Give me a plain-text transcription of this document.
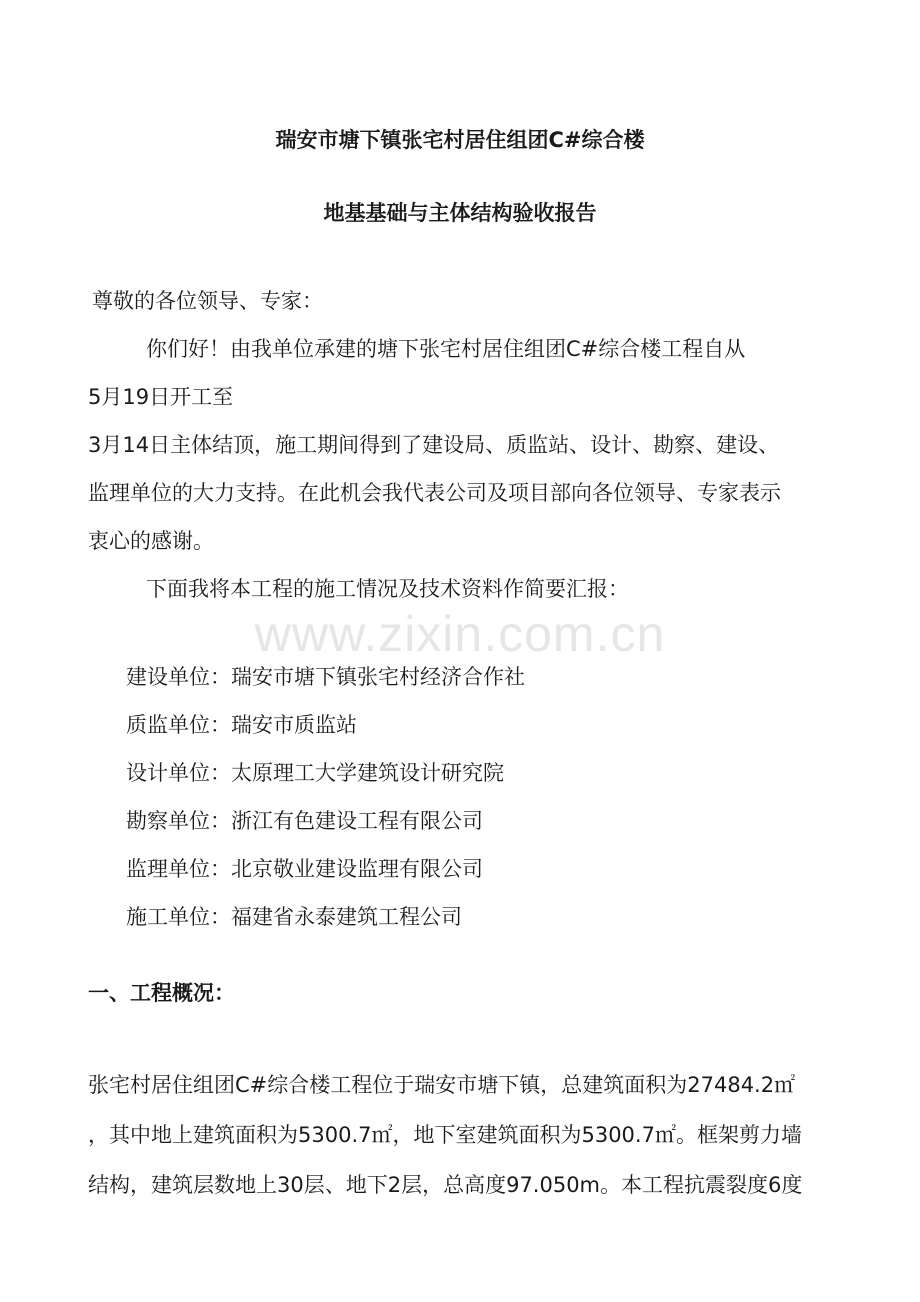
瑞安市塘下镇张宅村居住组团C#综合楼
地基基础与主体结构验收报告
尊敬的各位领导、专家：
你们好！由我单位承建的塘下张宅村居住组团C#综合楼工程自从
5月19日开工至
3月14日主体结顶，施工期间得到了建设局、质监站、设计、勘察、建设、
监理单位的大力支持。在此机会我代表公司及项目部向各位领导、专家表示
衷心的感谢。
下面我将本工程的施工情况及技术资料作简要汇报：
www.zixin.com.cn
建设单位：瑞安市塘下镇张宅村经济合作社
质监单位：瑞安市质监站
设计单位：太原理工大学建筑设计研究院
勘察单位：浙江有色建设工程有限公司
监理单位：北京敬业建设监理有限公司
施工单位：福建省永泰建筑工程公司
一、工程概况：
张宅村居住组团C#综合楼工程位于瑞安市塘下镇，总建筑面积为27484.2㎡
，其中地上建筑面积为5300.7㎡，地下室建筑面积为5300.7㎡。框架剪力墙
结构，建筑层数地上30层、地下2层，总高度97.050m。本工程抗震裂度6度
